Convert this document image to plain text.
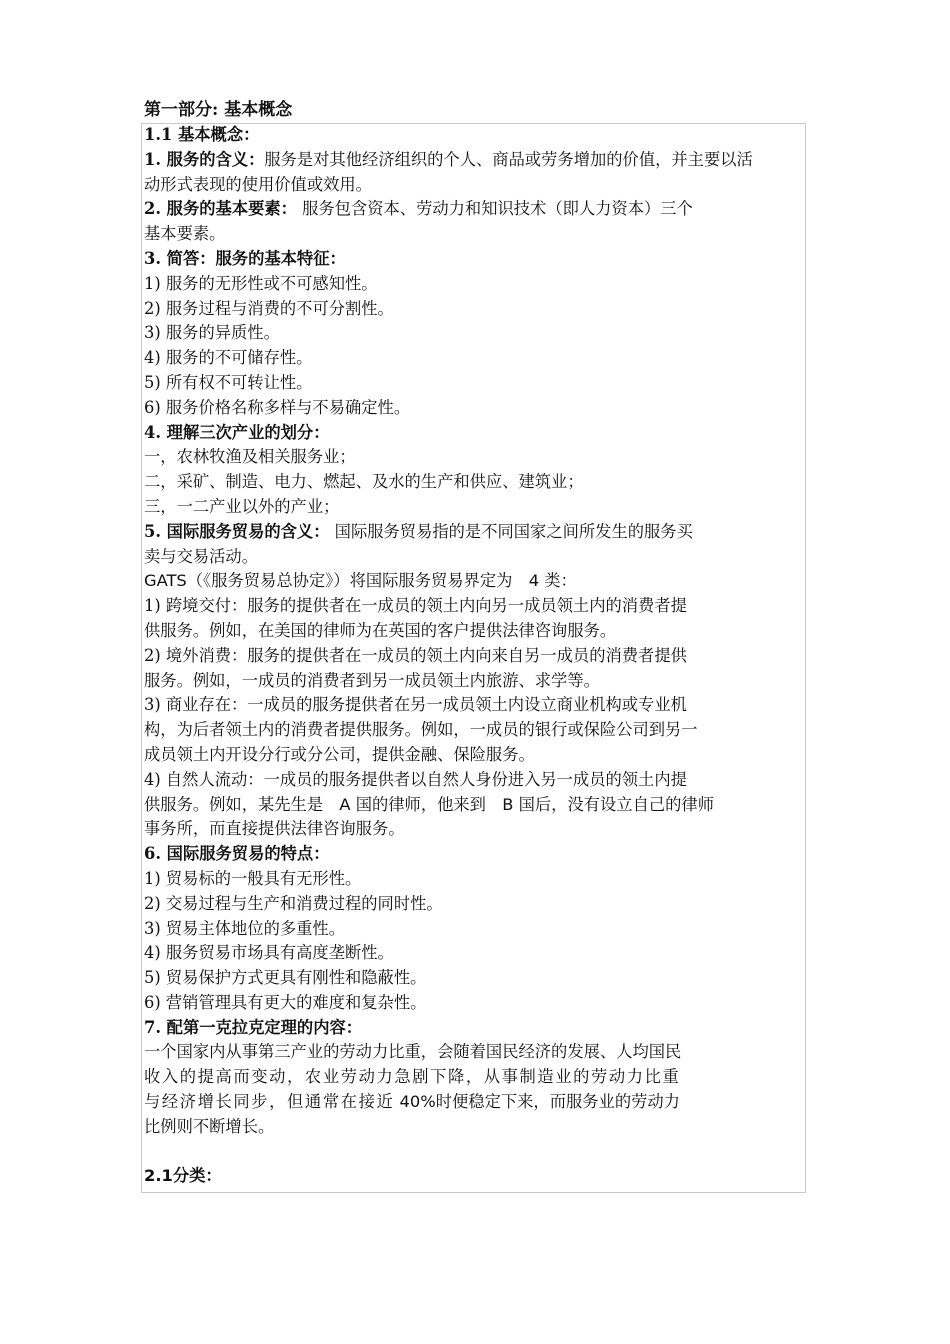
第一部分: 基本概念
1.1 基本概念：
1. 服务的含义：服务是对其他经济组织的个人、商品或劳务增加的价值，并主要以活
动形式表现的使用价值或效用。
2. 服务的基本要素： 服务包含资本、劳动力和知识技术（即人力资本）三个
基本要素。
3. 简答：服务的基本特征：
1) 服务的无形性或不可感知性。
2) 服务过程与消费的不可分割性。
3) 服务的异质性。
4) 服务的不可储存性。
5) 所有权不可转让性。
6) 服务价格名称多样与不易确定性。
4. 理解三次产业的划分：
一，农林牧渔及相关服务业；
二，采矿、制造、电力、燃起、及水的生产和供应、建筑业；
三，一二产业以外的产业；
5. 国际服务贸易的含义： 国际服务贸易指的是不同国家之间所发生的服务买
卖与交易活动。
GATS（《服务贸易总协定》）将国际服务贸易界定为　4 类：
1) 跨境交付：服务的提供者在一成员的领土内向另一成员领土内的消费者提
供服务。例如，在美国的律师为在英国的客户提供法律咨询服务。
2) 境外消费：服务的提供者在一成员的领土内向来自另一成员的消费者提供
服务。例如，一成员的消费者到另一成员领土内旅游、求学等。
3) 商业存在：一成员的服务提供者在另一成员领土内设立商业机构或专业机
构，为后者领土内的消费者提供服务。例如，一成员的银行或保险公司到另一
成员领土内开设分行或分公司，提供金融、保险服务。
4) 自然人流动：一成员的服务提供者以自然人身份进入另一成员的领土内提
供服务。例如，某先生是　A 国的律师，他来到　B 国后，没有设立自己的律师
事务所，而直接提供法律咨询服务。
6. 国际服务贸易的特点：
1) 贸易标的一般具有无形性。
2) 交易过程与生产和消费过程的同时性。
3) 贸易主体地位的多重性。
4) 服务贸易市场具有高度垄断性。
5) 贸易保护方式更具有刚性和隐蔽性。
6) 营销管理具有更大的难度和复杂性。
7. 配第一克拉克定理的内容：
一个国家内从事第三产业的劳动力比重，会随着国民经济的发展、人均国民
收入的提高而变动，农业劳动力急剧下降，从事制造业的劳动力比重
与经济增长同步，但通常在接近 40%时便稳定下来，而服务业的劳动力
比例则不断增长。
2.1分类：
